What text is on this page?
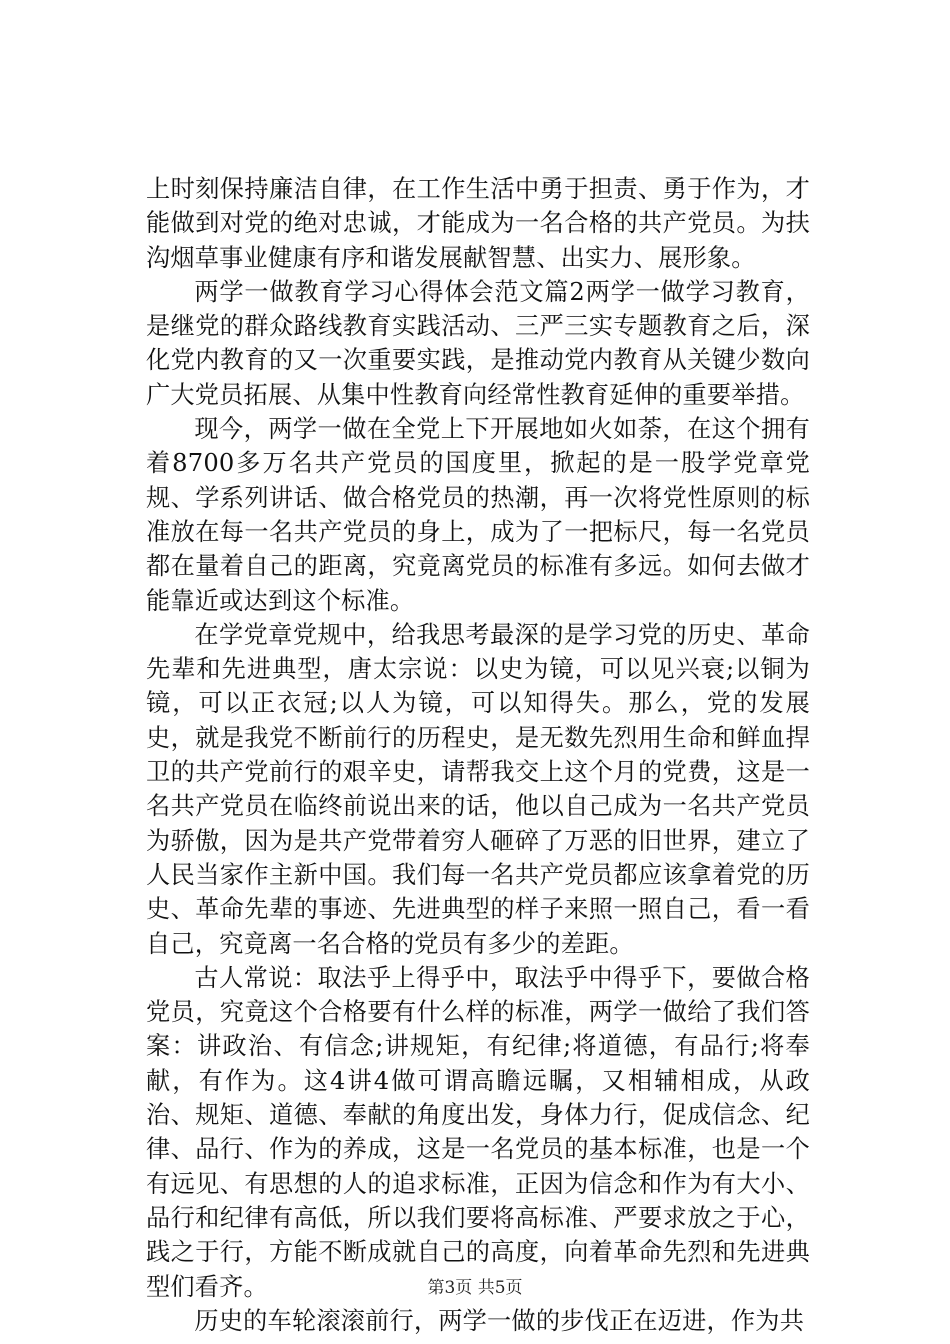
上时刻保持廉洁自律，在工作生活中勇于担责、勇于作为，才能做到对党的绝对忠诚，才能成为一名合格的共产党员。为扶沟烟草事业健康有序和谐发展献智慧、出实力、展形象。

两学一做教育学习心得体会范文篇2两学一做学习教育，是继党的群众路线教育实践活动、三严三实专题教育之后，深化党内教育的又一次重要实践，是推动党内教育从关键少数向广大党员拓展、从集中性教育向经常性教育延伸的重要举措。

现今，两学一做在全党上下开展地如火如荼，在这个拥有着8700多万名共产党员的国度里，掀起的是一股学党章党规、学系列讲话、做合格党员的热潮，再一次将党性原则的标准放在每一名共产党员的身上，成为了一把标尺，每一名党员都在量着自己的距离，究竟离党员的标准有多远。如何去做才能靠近或达到这个标准。

在学党章党规中，给我思考最深的是学习党的历史、革命先辈和先进典型，唐太宗说：以史为镜，可以见兴衰;以铜为镜，可以正衣冠;以人为镜，可以知得失。那么，党的发展史，就是我党不断前行的历程史，是无数先烈用生命和鲜血捍卫的共产党前行的艰辛史，请帮我交上这个月的党费，这是一名共产党员在临终前说出来的话，他以自己成为一名共产党员为骄傲，因为是共产党带着穷人砸碎了万恶的旧世界，建立了人民当家作主新中国。我们每一名共产党员都应该拿着党的历史、革命先辈的事迹、先进典型的样子来照一照自己，看一看自己，究竟离一名合格的党员有多少的差距。

古人常说：取法乎上得乎中，取法乎中得乎下，要做合格党员，究竟这个合格要有什么样的标准，两学一做给了我们答案：讲政治、有信念;讲规矩，有纪律;将道德，有品行;将奉献，有作为。这4讲4做可谓高瞻远瞩，又相辅相成，从政治、规矩、道德、奉献的角度出发，身体力行，促成信念、纪律、品行、作为的养成，这是一名党员的基本标准，也是一个有远见、有思想的人的追求标准，正因为信念和作为有大小、品行和纪律有高低，所以我们要将高标准、严要求放之于心，践之于行，方能不断成就自己的高度，向着革命先烈和先进典型们看齐。

历史的车轮滚滚前行，两学一做的步伐正在迈进，作为共

第3页 共5页
